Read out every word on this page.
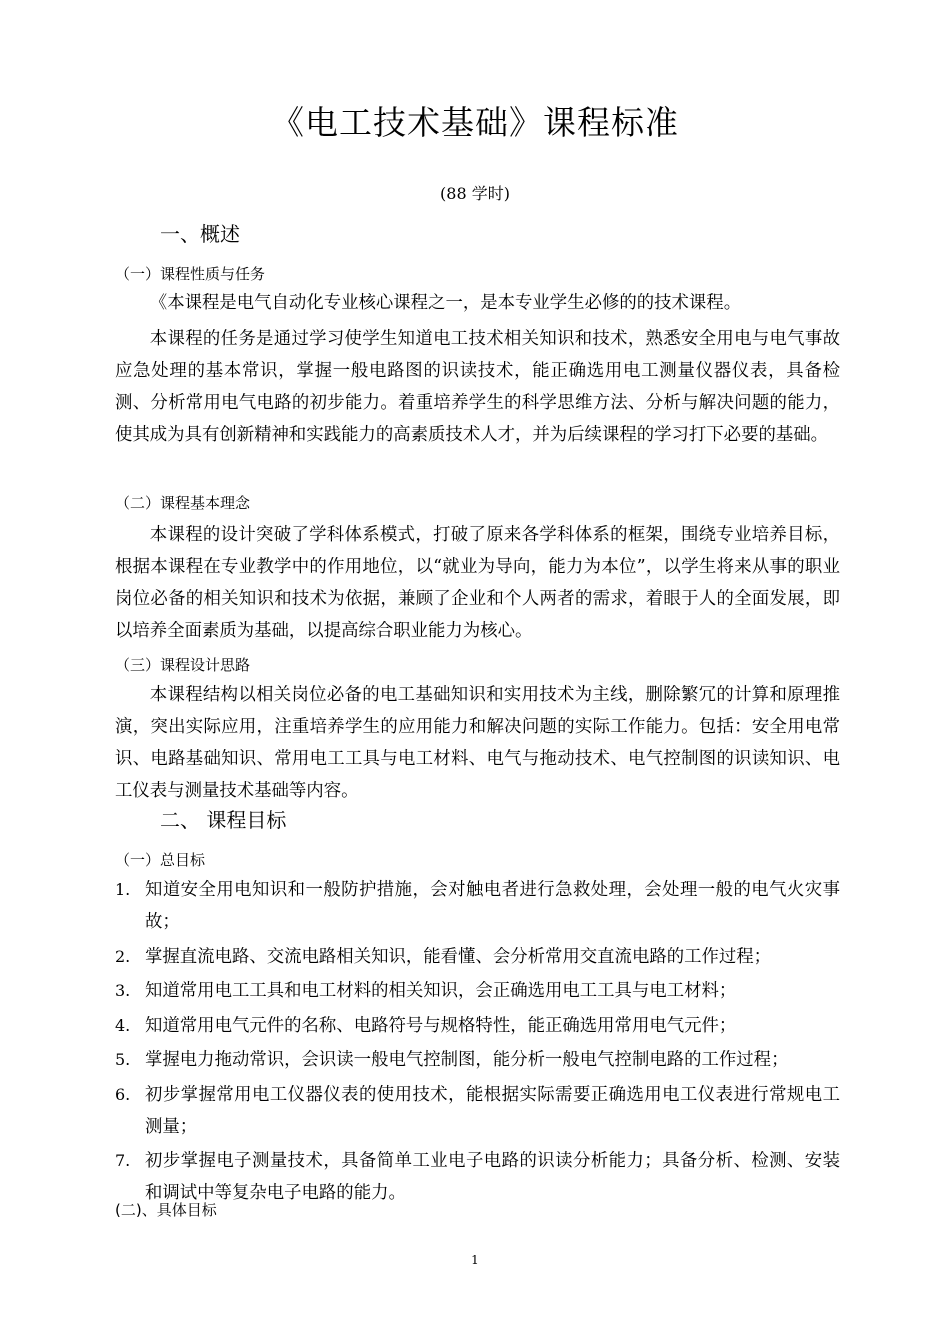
《电工技术基础》课程标准
(88 学时)
一、概述
（一）课程性质与任务

《本课程是电气自动化专业核心课程之一，是本专业学生必修的的技术课程。

本课程的任务是通过学习使学生知道电工技术相关知识和技术，熟悉安全用电与电气事故应急处理的基本常识，掌握一般电路图的识读技术，能正确选用电工测量仪器仪表，具备检测、分析常用电气电路的初步能力。着重培养学生的科学思维方法、分析与解决问题的能力，使其成为具有创新精神和实践能力的高素质技术人才，并为后续课程的学习打下必要的基础。

（二）课程基本理念

本课程的设计突破了学科体系模式，打破了原来各学科体系的框架，围绕专业培养目标，根据本课程在专业教学中的作用地位，以“就业为导向，能力为本位”，以学生将来从事的职业岗位必备的相关知识和技术为依据，兼顾了企业和个人两者的需求，着眼于人的全面发展，即以培养全面素质为基础，以提高综合职业能力为核心。

（三）课程设计思路

本课程结构以相关岗位必备的电工基础知识和实用技术为主线，删除繁冗的计算和原理推演，突出实际应用，注重培养学生的应用能力和解决问题的实际工作能力。包括：安全用电常识、电路基础知识、常用电工工具与电工材料、电气与拖动技术、电气控制图的识读知识、电工仪表与测量技术基础等内容。

二、 课程目标
（一）总目标
1. 知道安全用电知识和一般防护措施，会对触电者进行急救处理，会处理一般的电气火灾事故；
2. 掌握直流电路、交流电路相关知识，能看懂、会分析常用交直流电路的工作过程；
3. 知道常用电工工具和电工材料的相关知识，会正确选用电工工具与电工材料；
4. 知道常用电气元件的名称、电路符号与规格特性，能正确选用常用电气元件；
5. 掌握电力拖动常识，会识读一般电气控制图，能分析一般电气控制电路的工作过程；
6. 初步掌握常用电工仪器仪表的使用技术，能根据实际需要正确选用电工仪表进行常规电工测量；
7. 初步掌握电子测量技术，具备简单工业电子电路的识读分析能力；具备分析、检测、安装和调试中等复杂电子电路的能力。
(二)、具体目标
1
